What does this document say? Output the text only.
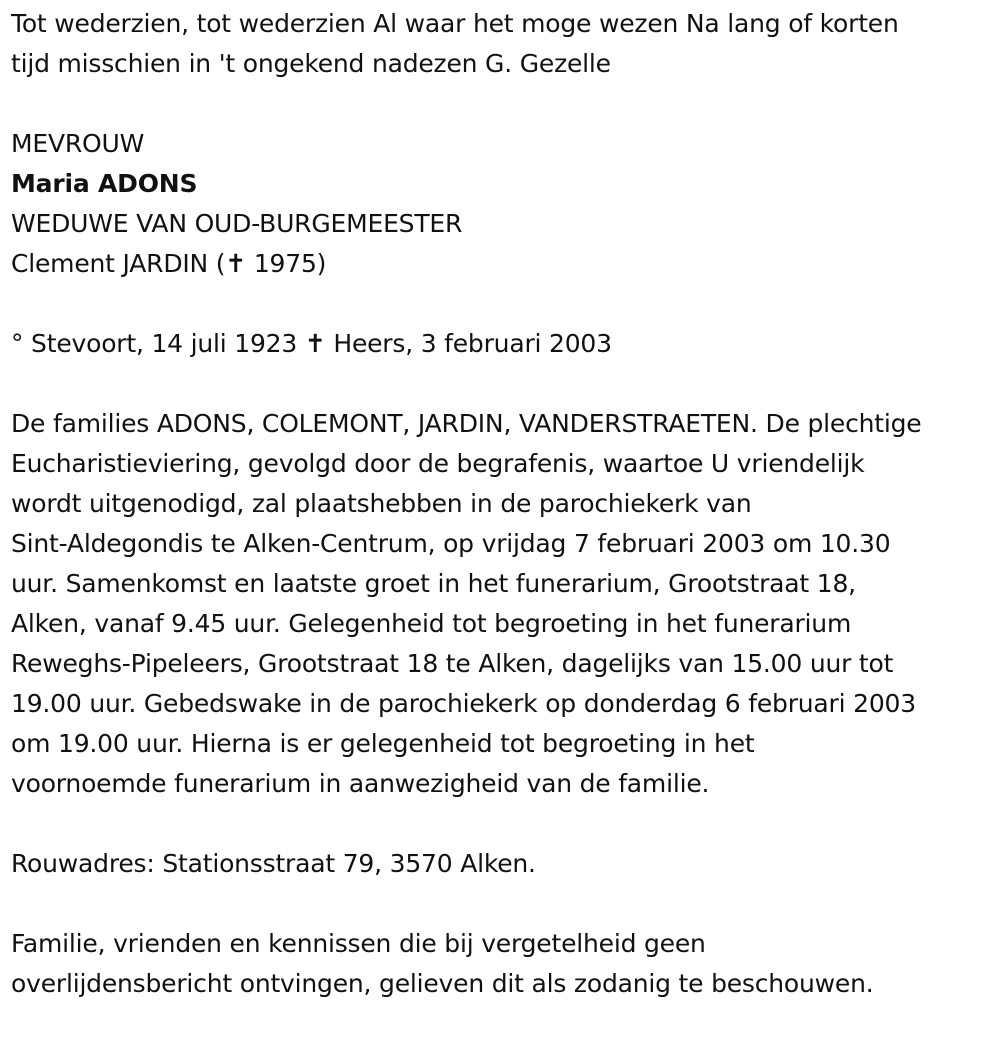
Tot wederzien, tot wederzien Al waar het moge wezen Na lang of korten
tijd misschien in 't ongekend nadezen G. Gezelle

MEVROUW
Maria ADONS
WEDUWE VAN OUD-BURGEMEESTER
Clement JARDIN (✝ 1975)

° Stevoort, 14 juli 1923 ✝ Heers, 3 februari 2003

De families ADONS, COLEMONT, JARDIN, VANDERSTRAETEN. De plechtige
Eucharistieviering, gevolgd door de begrafenis, waartoe U vriendelijk
wordt uitgenodigd, zal plaatshebben in de parochiekerk van
Sint-Aldegondis te Alken-Centrum, op vrijdag 7 februari 2003 om 10.30
uur. Samenkomst en laatste groet in het funerarium, Grootstraat 18,
Alken, vanaf 9.45 uur. Gelegenheid tot begroeting in het funerarium
Reweghs-Pipeleers, Grootstraat 18 te Alken, dagelijks van 15.00 uur tot
19.00 uur. Gebedswake in de parochiekerk op donderdag 6 februari 2003
om 19.00 uur. Hierna is er gelegenheid tot begroeting in het
voornoemde funerarium in aanwezigheid van de familie.

Rouwadres: Stationsstraat 79, 3570 Alken.

Familie, vrienden en kennissen die bij vergetelheid geen
overlijdensbericht ontvingen, gelieven dit als zodanig te beschouwen.
